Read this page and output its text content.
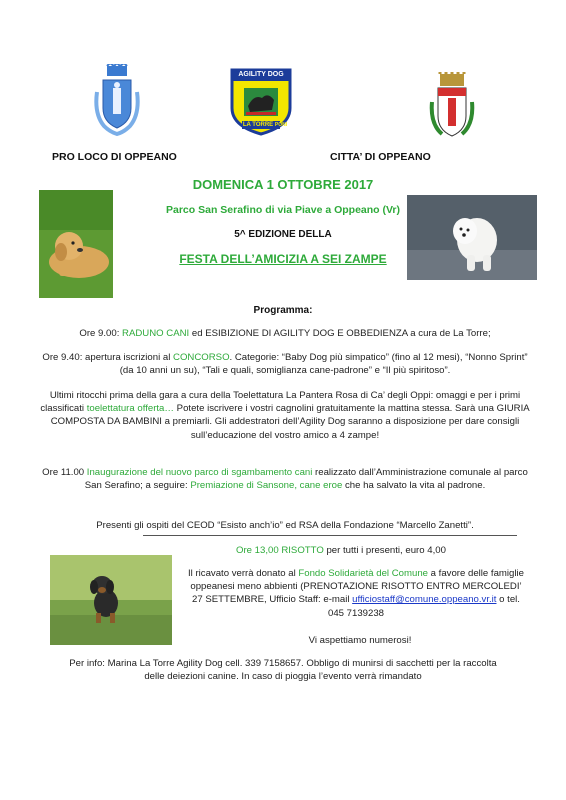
AGILITY DOG
LA TORRE PONI
PRO LOCO DI OPPEANO	CITTA’ DI OPPEANO
DOMENICA 1 OTTOBRE 2017
Parco San Serafino di via Piave a Oppeano (Vr)
5^ EDIZIONE DELLA
FESTA DELL’AMICIZIA A SEI ZAMPE
Programma:
Ore 9.00: RADUNO CANI ed ESIBIZIONE DI AGILITY DOG E OBBEDIENZA a cura de La Torre;
Ore 9.40: apertura iscrizioni al CONCORSO. Categorie: “Baby Dog più simpatico” (fino al 12 mesi), “Nonno Sprint” (da 10 anni un su), “Tali e quali, somiglianza cane-padrone” e “Il più spiritoso”.
Ultimi ritocchi prima della gara a cura della Toelettatura La Pantera Rosa di Ca’ degli Oppi: omaggi e per i primi classificati toelettatura offerta… Potete iscrivere i vostri cagnolini gratuitamente la mattina stessa. Sarà una GIURIA COMPOSTA DA BAMBINI a premiarli. Gli addestratori dell’Agility Dog saranno a disposizione per dare consigli sull’educazione del vostro amico a 4 zampe!
Ore 11.00 Inaugurazione del nuovo parco di sgambamento cani realizzato dall’Amministrazione comunale al parco San Serafino; a seguire: Premiazione di Sansone, cane eroe che ha salvato la vita al padrone.
Presenti gli ospiti del CEOD “Esisto anch’io” ed RSA della Fondazione “Marcello Zanetti”.
Ore 13,00 RISOTTO per tutti i presenti, euro 4,00
Il ricavato verrà donato al Fondo Solidarietà del Comune a favore delle famiglie oppeanesi meno abbienti (PRENOTAZIONE RISOTTO ENTRO MERCOLEDI’ 27 SETTEMBRE, Ufficio Staff: e-mail ufficiostaff@comune.oppeano.vr.it o tel. 045 7139238
Vi aspettiamo numerosi!
Per info: Marina La Torre Agility Dog cell. 339 7158657. Obbligo di munirsi di sacchetti per la raccolta delle deiezioni canine. In caso di pioggia l’evento verrà rimandato
